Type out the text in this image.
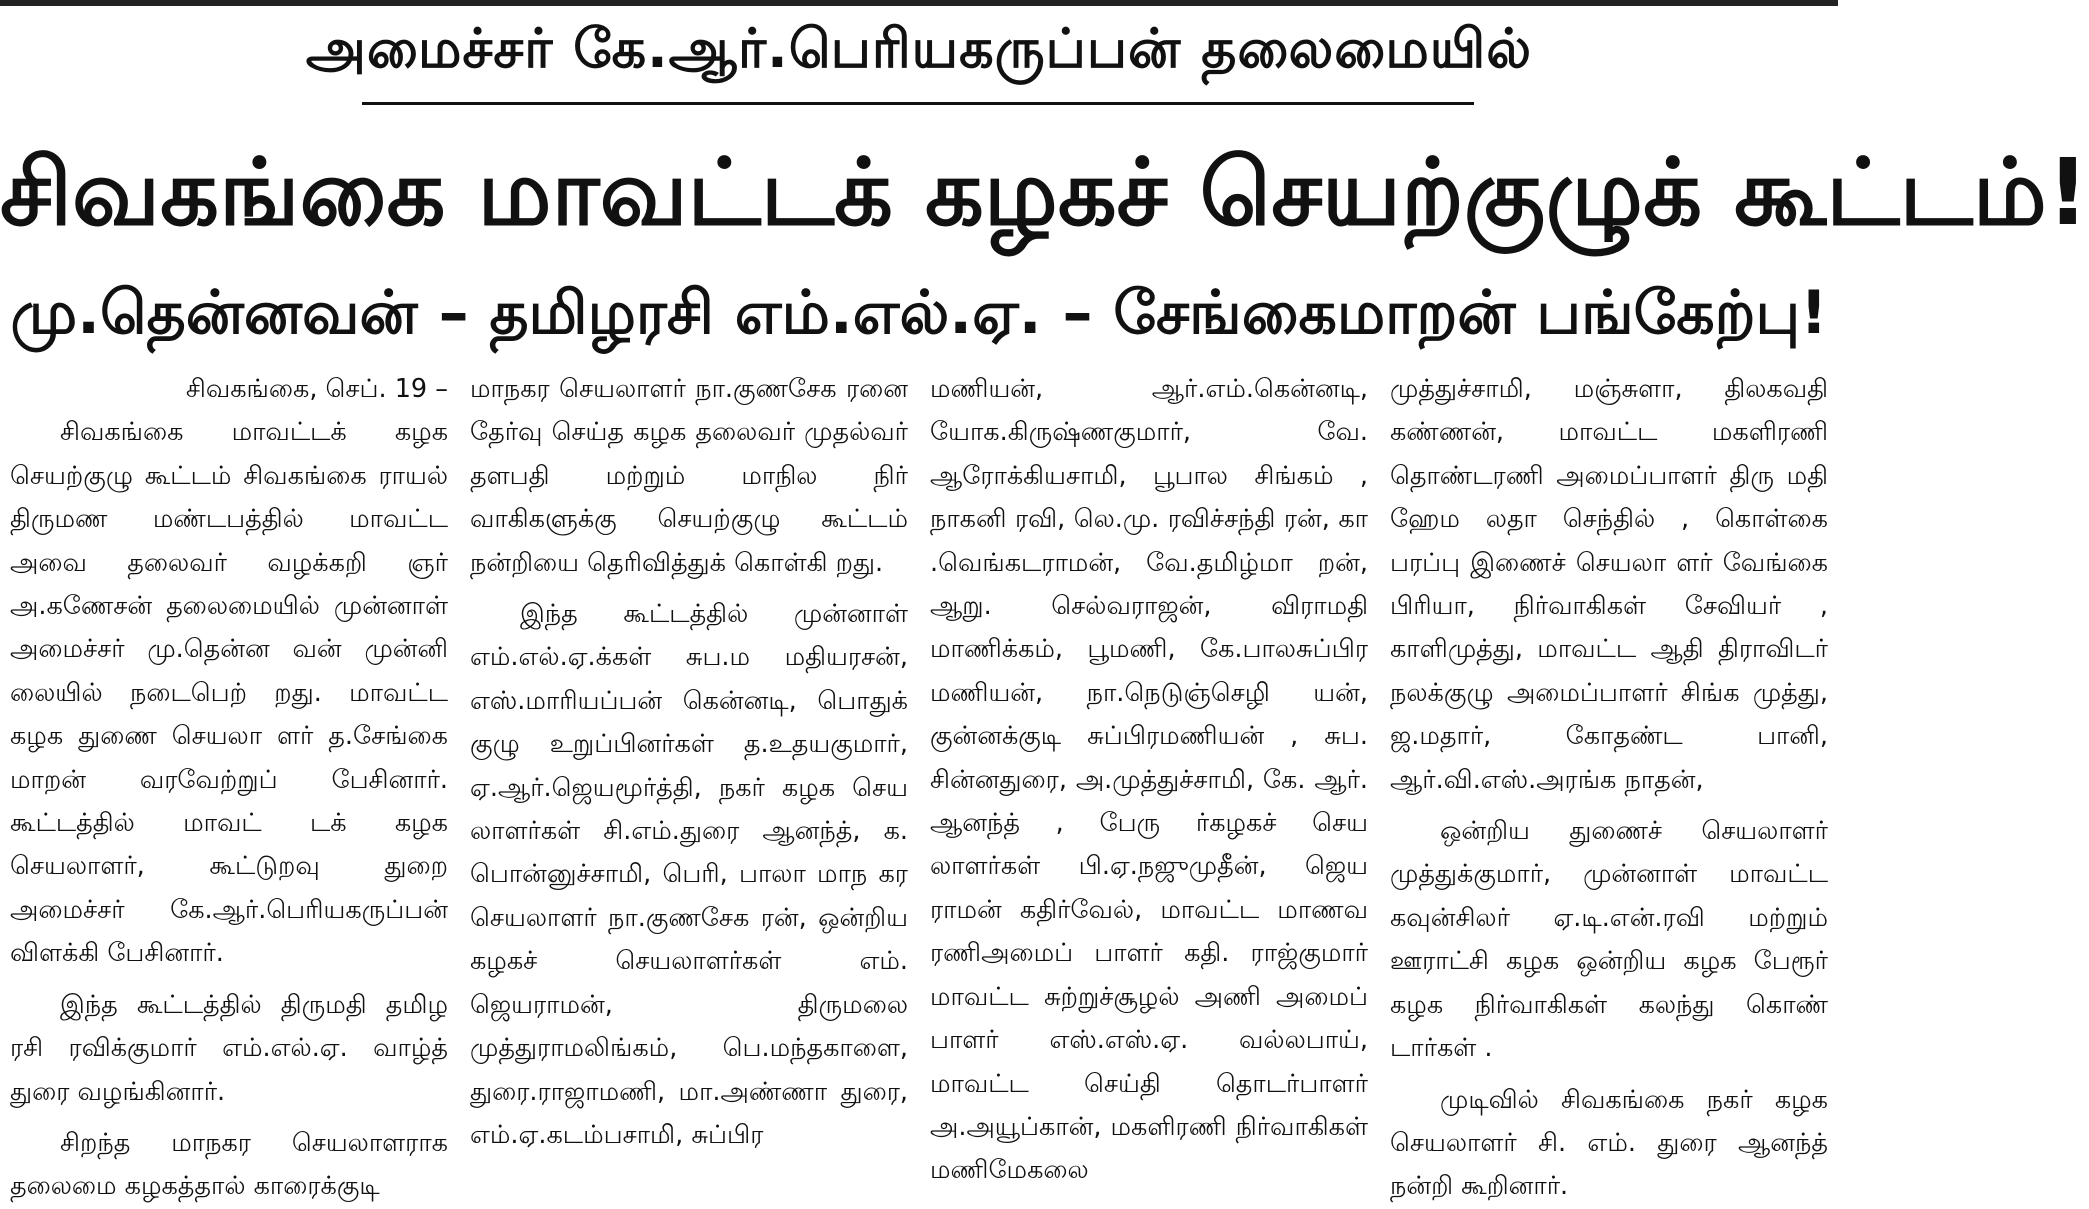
அமைச்சர் கே.ஆர்.பெரியகருப்பன் தலைமையில்
சிவகங்கை மாவட்டக் கழகச் செயற்குழுக் கூட்டம்!
மு.தென்னவன் – தமிழரசி எம்.எல்.ஏ. – சேங்கைமாறன் பங்கேற்பு!

சிவகங்கை, செப். 19 –

சிவகங்கை மாவட்டக் கழக செயற்குழு கூட்டம் சிவகங்கை ராயல் திருமண மண்டபத்தில் மாவட்ட அவை தலைவர் வழக்கறி ஞர் அ.கணேசன் தலைமையில் முன்னாள் அமைச்சர் மு.தென்ன வன் முன்னி லையில் நடைபெற் றது. மாவட்ட கழக துணை செயலா ளர் த.சேங்கை மாறன் வரவேற்றுப் பேசினார். கூட்டத்தில் மாவட் டக் கழக செயலாளர், கூட்டுறவு துறை அமைச்சர் கே.ஆர்.பெரியகருப்பன் விளக்கி பேசினார்.

இந்த கூட்டத்தில் திருமதி தமிழ ரசி ரவிக்குமார் எம்.எல்.ஏ. வாழ்த் துரை வழங்கினார்.

சிறந்த மாநகர செயலாளராக தலைமை கழகத்தால் காரைக்குடி

மாநகர செயலாளர் நா.குணசேக ரனை தேர்வு செய்த கழக தலைவர் முதல்வர் தளபதி மற்றும் மாநில நிர் வாகிகளுக்கு செயற்குழு கூட்டம் நன்றியை தெரிவித்துக் கொள்கி றது.

இந்த கூட்டத்தில் முன்னாள் எம்.எல்.ஏ.க்கள் சுப.ம மதியரசன், எஸ்.மாரியப்பன் கென்னடி, பொதுக் குழு உறுப்பினர்கள் த.உதயகுமார், ஏ.ஆர்.ஜெயமூர்த்தி, நகர் கழக செய லாளர்கள் சி.எம்.துரை ஆனந்த், க. பொன்னுச்சாமி, பெரி, பாலா மாந கர செயலாளர் நா.குணசேக ரன், ஒன்றிய கழகச் செயலாளர்கள் எம். ஜெயராமன், திருமலை முத்துராமலிங்கம், பெ.மந்தகாளை, துரை.ராஜாமணி, மா.அண்ணா துரை, எம்.ஏ.கடம்பசாமி, சுப்பிர

மணியன், ஆர்.எம்.கென்னடி, யோக.கிருஷ்ணகுமார், வே. ஆரோக்கியசாமி, பூபால சிங்கம் , நாகனி ரவி, லெ.மு. ரவிச்சந்தி ரன், கா .வெங்கடராமன், வே.தமிழ்மா றன், ஆறு. செல்வராஜன், விராமதி மாணிக்கம், பூமணி, கே.பாலசுப்பிர மணியன், நா.நெடுஞ்செழி யன், குன்னக்குடி சுப்பிரமணியன் , சுப. சின்னதுரை, அ.முத்துச்சாமி, கே. ஆர். ஆனந்த் , பேரு ர்கழகச் செய லாளர்கள் பி.ஏ.நஜுமுதீன், ஜெய ராமன் கதிர்வேல், மாவட்ட மாணவ ரணிஅமைப் பாளர் கதி. ராஜ்குமார் மாவட்ட சுற்றுச்சூழல் அணி அமைப் பாளர் எஸ்.எஸ்.ஏ. வல்லபாய், மாவட்ட செய்தி தொடர்பாளர் அ.அயூப்கான், மகளிரணி நிர்வாகிகள் மணிமேகலை

முத்துச்சாமி, மஞ்சுளா, திலகவதி கண்ணன், மாவட்ட மகளிரணி தொண்டரணி அமைப்பாளர் திரு மதி ஹேம லதா செந்தில் , கொள்கை பரப்பு இணைச் செயலா ளர் வேங்கை பிரியா, நிர்வாகிகள் சேவியர் , காளிமுத்து, மாவட்ட ஆதி திராவிடர் நலக்குழு அமைப்பாளர் சிங்க முத்து, ஜ.மதார், கோதண்ட பானி, ஆர்.வி.எஸ்.அரங்க நாதன்,

ஒன்றிய துணைச் செயலாளர் முத்துக்குமார், முன்னாள் மாவட்ட கவுன்சிலர் ஏ.டி.என்.ரவி மற்றும் ஊராட்சி கழக ஒன்றிய கழக பேரூர் கழக நிர்வாகிகள் கலந்து கொண் டார்கள் .

முடிவில் சிவகங்கை நகர் கழக செயலாளர் சி. எம். துரை ஆனந்த் நன்றி கூறினார்.
